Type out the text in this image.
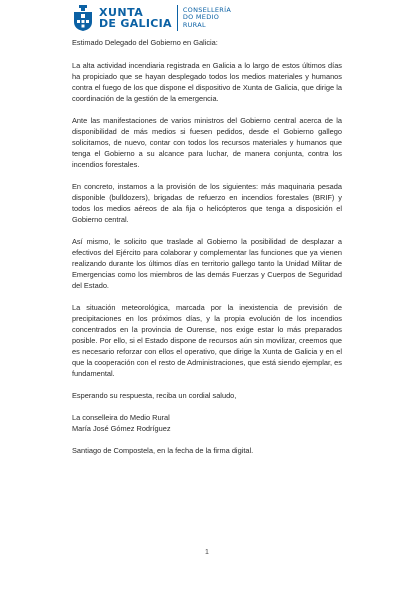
XUNTA
DE GALICIA
CONSELLERÍA
DO MEDIO
RURAL

Estimado Delegado del Gobierno en Galicia:

La alta actividad incendiaria registrada en Galicia a lo largo de estos últimos días ha propiciado que se hayan desplegado todos los medios materiales y humanos contra el fuego de los que dispone el dispositivo de Xunta de Galicia, que dirige la coordinación de la gestión de la emergencia.

Ante las manifestaciones de varios ministros del Gobierno central acerca de la disponibilidad de más medios si fuesen pedidos, desde el Gobierno gallego solicitamos, de nuevo, contar con todos los recursos materiales y humanos que tenga el Gobierno a su alcance para luchar, de manera conjunta, contra los incendios forestales.

En concreto, instamos a la provisión de los siguientes: más maquinaria pesada disponible (bulldozers), brigadas de refuerzo en incendios forestales (BRIF) y todos los medios aéreos de ala fija o helicópteros que tenga a disposición el Gobierno central.

Así mismo, le solicito que traslade al Gobierno la posibilidad de desplazar a efectivos del Ejército para colaborar y complementar las funciones que ya vienen realizando durante los últimos días en territorio gallego tanto la Unidad Militar de Emergencias como los miembros de las demás Fuerzas y Cuerpos de Seguridad del Estado.

La situación meteorológica, marcada por la inexistencia de previsión de precipitaciones en los próximos días, y la propia evolución de los incendios concentrados en la provincia de Ourense, nos exige estar lo más preparados posible. Por ello, si el Estado dispone de recursos aún sin movilizar, creemos que es necesario reforzar con ellos el operativo, que dirige la Xunta de Galicia y en el que la cooperación con el resto de Administraciones, que está siendo ejemplar, es fundamental.

Esperando su respuesta, reciba un cordial saludo,

La conselleira do Medio Rural
María José Gómez Rodríguez

Santiago de Compostela, en la fecha de la firma digital.

1
